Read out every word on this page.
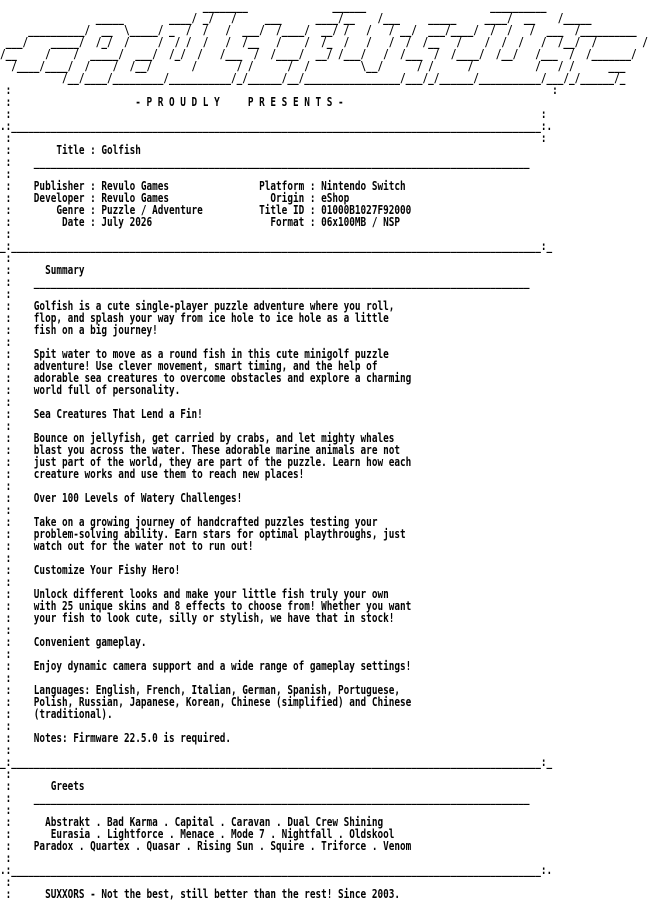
________               ______                      __________
_____        ____/ _/   /     ___      ____/__    /___     _____     ____/  __    /_____
__________/  __  \_____/ _  /  /   /  ___/  /____/  __/ /   /   / __/  ___/____/  /  /   /  ___  /__________
___/    _____/  /_/  /     /  / /  /   /  /__   /    /  /_  /   /   /  /  /__   /    /  /  /   /  /__/  /        /
/__     /    /  _____/  ___/  /_/  /   /___  /  /____/  __/ /___/   /  /___  /  /____/  /__/   /___  /  /_______/
/____/____/  /    /  /__/       /       / /      /  /         \__/      / /      /           /   / /      ___
/__/____/_________/___________/_/______/__/_________________/___/_/______/___________/___/_/______/_
:                                                                                                :
:                      - P R O U D L Y     P R E S E N T S -
:                                                                                              :
.:______________________________________________________________________________________________:.
:                                                                                              :
:        Title : Golfish
:    ________________________________________________________________________________________
:
:    Publisher : Revulo Games                Platform : Nintendo Switch
:    Developer : Revulo Games                  Origin : eShop
:        Genre : Puzzle / Adventure          Title ID : 01000B1027F92000
:         Date : July 2026                     Format : 06x100MB / NSP
:
_:______________________________________________________________________________________________:_
:
:      Summary
:    ________________________________________________________________________________________
:
:    Golfish is a cute single-player puzzle adventure where you roll,
:    flop, and splash your way from ice hole to ice hole as a little
:    fish on a big journey!
:
:    Spit water to move as a round fish in this cute minigolf puzzle
:    adventure! Use clever movement, smart timing, and the help of
:    adorable sea creatures to overcome obstacles and explore a charming
:    world full of personality.
:
:    Sea Creatures That Lend a Fin!
:
:    Bounce on jellyfish, get carried by crabs, and let mighty whales
:    blast you across the water. These adorable marine animals are not
:    just part of the world, they are part of the puzzle. Learn how each
:    creature works and use them to reach new places!
:
:    Over 100 Levels of Watery Challenges!
:
:    Take on a growing journey of handcrafted puzzles testing your
:    problem-solving ability. Earn stars for optimal playthroughs, just
:    watch out for the water not to run out!
:
:    Customize Your Fishy Hero!
:
:    Unlock different looks and make your little fish truly your own
:    with 25 unique skins and 8 effects to choose from! Whether you want
:    your fish to look cute, silly or stylish, we have that in stock!
:
:    Convenient gameplay.
:
:    Enjoy dynamic camera support and a wide range of gameplay settings!
:
:    Languages: English, French, Italian, German, Spanish, Portuguese,
:    Polish, Russian, Japanese, Korean, Chinese (simplified) and Chinese
:    (traditional).
:
:    Notes: Firmware 22.5.0 is required.
:
_:______________________________________________________________________________________________:_
:
:       Greets
:    ________________________________________________________________________________________
:
:      Abstrakt . Bad Karma . Capital . Caravan . Dual Crew Shining
:       Eurasia . Lightforce . Menace . Mode 7 . Nightfall . Oldskool
:    Paradox . Quartex . Quasar . Rising Sun . Squire . Triforce . Venom
:
.:______________________________________________________________________________________________:.
:
:      SUXXORS - Not the best, still better than the rest! Since 2003.
